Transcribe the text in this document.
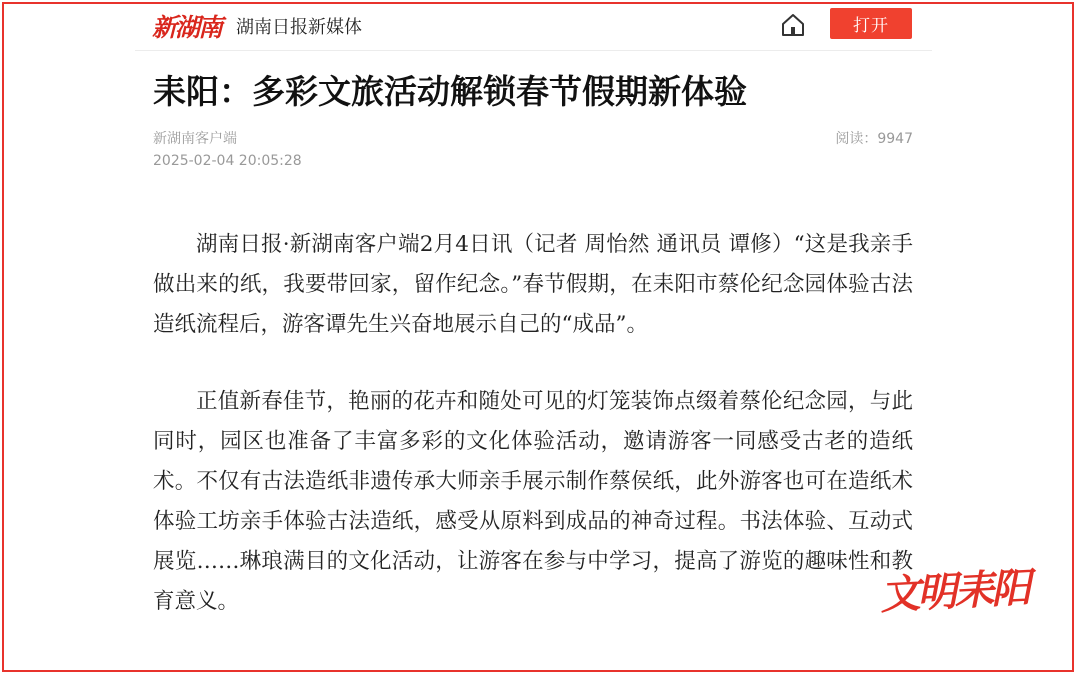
新湖南 湖南日报新媒体	打开
耒阳：多彩文旅活动解锁春节假期新体验
新湖南客户端
2025-02-04 20:05:28
阅读：9947

湖南日报·新湖南客户端2月4日讯（记者 周怡然 通讯员 谭修）“这是我亲手做出来的纸，我要带回家，留作纪念。”春节假期，在耒阳市蔡伦纪念园体验古法造纸流程后，游客谭先生兴奋地展示自己的“成品”。

正值新春佳节，艳丽的花卉和随处可见的灯笼装饰点缀着蔡伦纪念园，与此同时，园区也准备了丰富多彩的文化体验活动，邀请游客一同感受古老的造纸术。不仅有古法造纸非遗传承大师亲手展示制作蔡侯纸，此外游客也可在造纸术体验工坊亲手体验古法造纸，感受从原料到成品的神奇过程。书法体验、互动式展览……琳琅满目的文化活动，让游客在参与中学习，提高了游览的趣味性和教育意义。	文明耒阳
